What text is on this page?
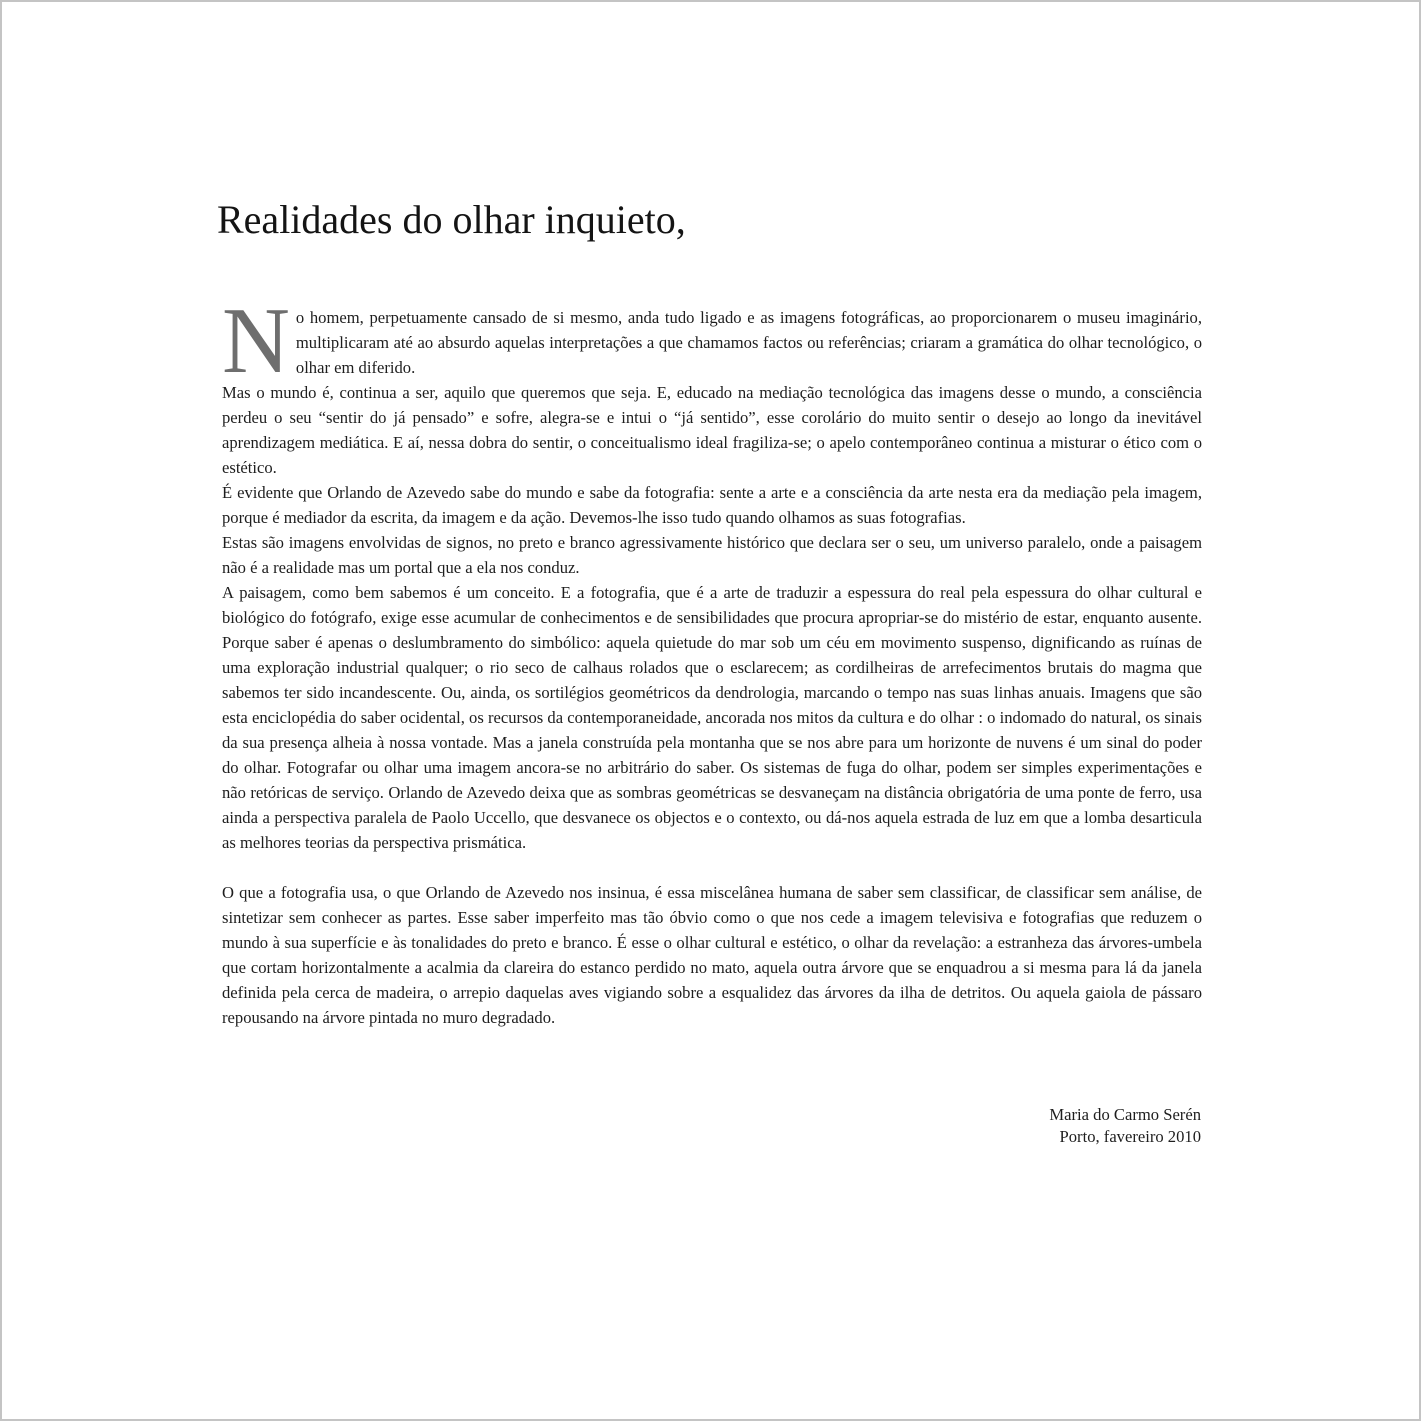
Realidades do olhar inquieto,

No homem, perpetuamente cansado de si mesmo, anda tudo ligado e as imagens fotográficas, ao proporcionarem o museu imaginário, multiplicaram até ao absurdo aquelas interpretações a que chamamos factos ou referências; criaram a gramática do olhar tecnológico, o olhar em diferido.

Mas o mundo é, continua a ser, aquilo que queremos que seja. E, educado na mediação tecnológica das imagens desse o mundo, a consciência perdeu o seu “sentir do já pensado” e sofre, alegra-se e intui o “já sentido”, esse corolário do muito sentir o desejo ao longo da inevitável aprendizagem mediática. E aí, nessa dobra do sentir, o conceitualismo ideal fragiliza-se; o apelo contemporâneo continua a misturar o ético com o estético.

É evidente que Orlando de Azevedo sabe do mundo e sabe da fotografia: sente a arte e a consciência da arte nesta era da mediação pela imagem, porque é mediador da escrita, da imagem e da ação. Devemos-lhe isso tudo quando olhamos as suas fotografias.

Estas são imagens envolvidas de signos, no preto e branco agressivamente histórico que declara ser o seu, um universo paralelo, onde a paisagem não é a realidade mas um portal que a ela nos conduz.

A paisagem, como bem sabemos é um conceito. E a fotografia, que é a arte de traduzir a espessura do real pela espessura do olhar cultural e biológico do fotógrafo, exige esse acumular de conhecimentos e de sensibilidades que procura apropriar-se do mistério de estar, enquanto ausente. Porque saber é apenas o deslumbramento do simbólico: aquela quietude do mar sob um céu em movimento suspenso, dignificando as ruínas de uma exploração industrial qualquer; o rio seco de calhaus rolados que o esclarecem; as cordilheiras de arrefecimentos brutais do magma que sabemos ter sido incandescente. Ou, ainda, os sortilégios geométricos da dendrologia, marcando o tempo nas suas linhas anuais. Imagens que são esta enciclopédia do saber ocidental, os recursos da contemporaneidade, ancorada nos mitos da cultura e do olhar : o indomado do natural, os sinais da sua presença alheia à nossa vontade. Mas a janela construída pela montanha que se nos abre para um horizonte de nuvens é um sinal do poder do olhar. Fotografar ou olhar uma imagem ancora-se no arbitrário do saber. Os sistemas de fuga do olhar, podem ser simples experimentações e não retóricas de serviço. Orlando de Azevedo deixa que as sombras geométricas se desvaneçam na distância obrigatória de uma ponte de ferro, usa ainda a perspectiva paralela de Paolo Uccello, que desvanece os objectos e o contexto, ou dá-nos aquela estrada de luz em que a lomba desarticula as melhores teorias da perspectiva prismática.

O que a fotografia usa, o que Orlando de Azevedo nos insinua, é essa miscelânea humana de saber sem classificar, de classificar sem análise, de sintetizar sem conhecer as partes. Esse saber imperfeito mas tão óbvio como o que nos cede a imagem televisiva e fotografias que reduzem o mundo à sua superfície e às tonalidades do preto e branco. É esse o olhar cultural e estético, o olhar da revelação: a estranheza das árvores-umbela que cortam horizontalmente a acalmia da clareira do estanco perdido no mato, aquela outra árvore que se enquadrou a si mesma para lá da janela definida pela cerca de madeira, o arrepio daquelas aves vigiando sobre a esqualidez das árvores da ilha de detritos. Ou aquela gaiola de pássaro repousando na árvore pintada no muro degradado.

Maria do Carmo Serén
Porto, favereiro 2010
